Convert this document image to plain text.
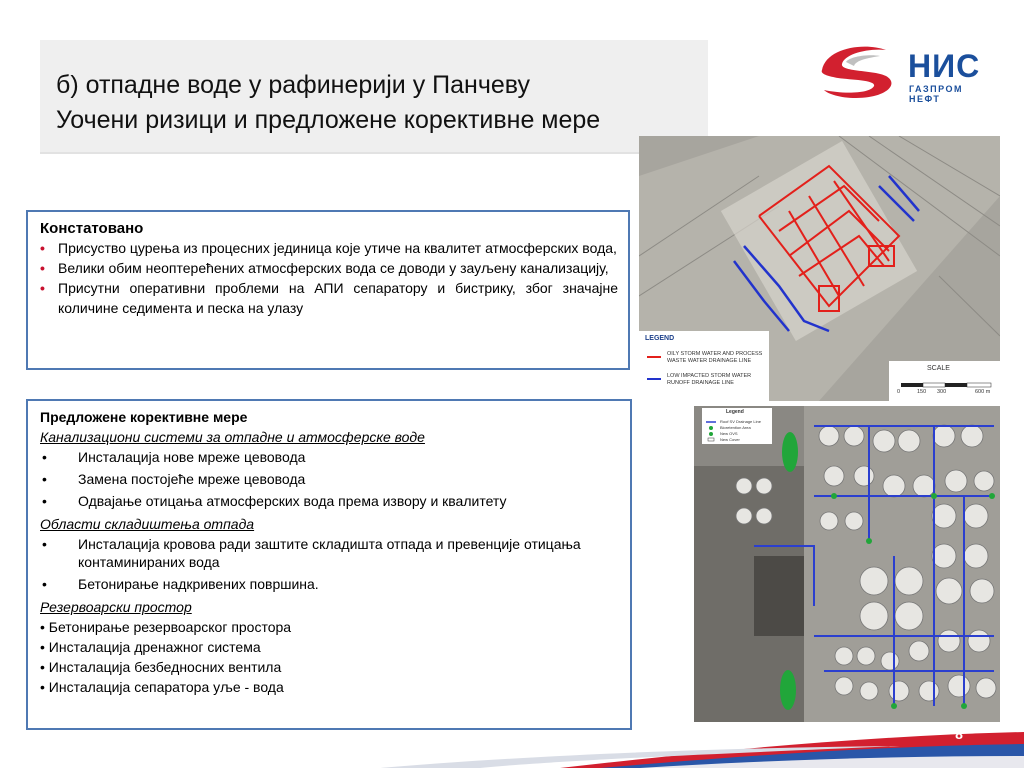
б) отпадне воде у рафинерији у Панчеву
Уочени ризици и предложене корективне мере
НИС
ГАЗПРОМ НЕФТ
Констатовано
• Присуство цурења из процесних јединица које утиче на квалитет атмосферских вода,
• Велики обим неоптерећених атмосферских вода се доводи у зауљену канализацију,
• Присутни оперативни проблеми на АПИ сепаратору и бистрику, због значајне количине седимента и песка на улазу
Предложене корективне мере
Канализациони системи за отпадне и атмосферске воде
• Инсталација нове мреже цевовода
• Замена постојеће мреже цевовода
• Одвајање отицања атмосферских вода према извору и квалитету
Области складиштења отпада
• Инсталација кровова ради заштите складишта отпада и превенције отицања контаминираних вода
• Бетонирање надкривених површина.
Резервоарски простор
• Бетонирање резервоарског простора
• Инсталација дренажног система
• Инсталација безбедносних вентила
• Инсталација сепаратора уље - вода
LEGEND
OILY STORM WATER AND PROCESS WASTE WATER DRAINAGE LINE
LOW IMPACTED STORM WATER RUNOFF DRAINAGE LINE
SCALE
0	150 300	600 m
Legend
Roof SV Drainage Line
Bioretention Area
New OVS
New Cover
8
